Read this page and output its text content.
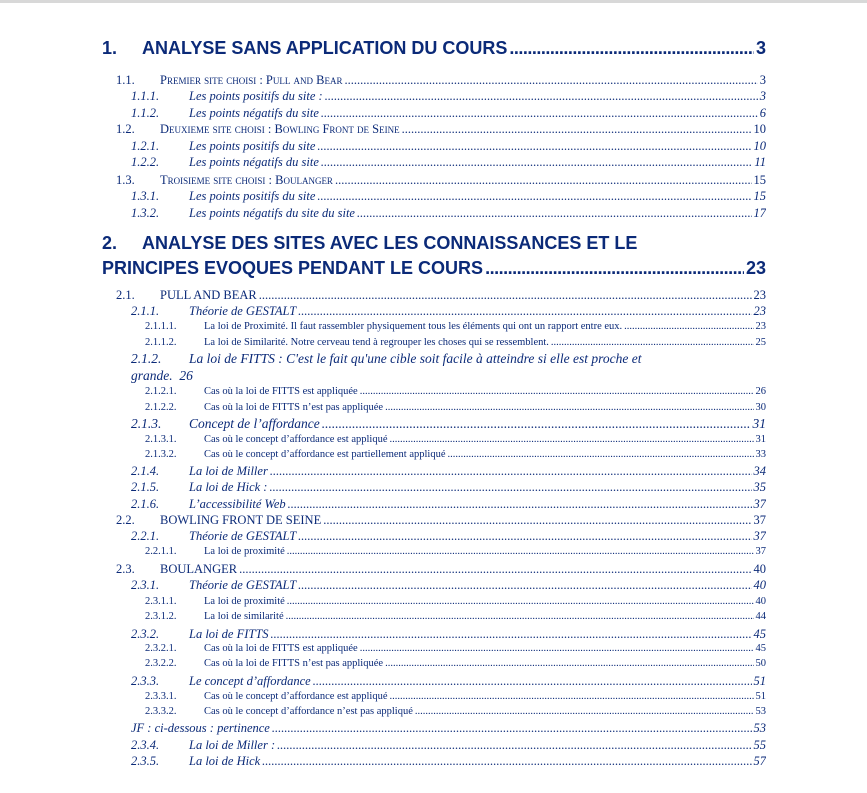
1.	ANALYSE SANS APPLICATION DU COURS .....	3
1.1.	Premier site choisi : Pull and Bear .....	3
1.1.1.	Les points positifs du site : .....	3
1.1.2.	Les points négatifs du site .....	6
1.2.	Deuxieme site choisi : Bowling Front de Seine .....	10
1.2.1.	Les points positifs du site .....	10
1.2.2.	Les points négatifs du site .....	11
1.3.	Troisieme site choisi : Boulanger .....	15
1.3.1.	Les points positifs du site .....	15
1.3.2.	Les points négatifs du site du site .....	17
2. ANALYSE DES SITES AVEC LES CONNAISSANCES ET LE
PRINCIPES EVOQUES PENDANT LE COURS .....	23
2.1.	PULL AND BEAR .....	23
2.1.1.	Théorie de GESTALT .....	23
2.1.1.1.	La loi de Proximité. Il faut rassembler physiquement tous les éléments qui ont un rapport entre eux. .....	23
2.1.1.2.	La loi de Similarité. Notre cerveau tend à regrouper les choses qui se ressemblent. .....	25
2.1.2. La loi de FITTS : C'est le fait qu'une cible soit facile à atteindre si elle est proche et
grande. 26
2.1.2.1.	Cas où la loi de FITTS est appliquée .....	26
2.1.2.2.	Cas où la loi de FITTS n’est pas appliquée .....	30
2.1.3.	Concept de l’affordance .....	31
2.1.3.1.	Cas où le concept d’affordance est appliqué .....	31
2.1.3.2.	Cas où le concept d’affordance est partiellement appliqué .....	33
2.1.4.	La loi de Miller .....	34
2.1.5.	La loi de Hick : .....	35
2.1.6.	L’accessibilité Web .....	37
2.2.	BOWLING FRONT DE SEINE .....	37
2.2.1.	Théorie de GESTALT .....	37
2.2.1.1.	La loi de proximité .....	37
2.3.	BOULANGER .....	40
2.3.1.	Théorie de GESTALT .....	40
2.3.1.1.	La loi de proximité .....	40
2.3.1.2.	La loi de similarité .....	44
2.3.2.	La loi de FITTS .....	45
2.3.2.1.	Cas où la loi de FITTS est appliquée .....	45
2.3.2.2.	Cas où la loi de FITTS n’est pas appliquée .....	50
2.3.3.	Le concept d’affordance .....	51
2.3.3.1.	Cas où le concept d’affordance est appliqué .....	51
2.3.3.2.	Cas où le concept d’affordance n’est pas appliqué .....	53
JF : ci-dessous : pertinence .....	53
2.3.4.	La loi de Miller : .....	55
2.3.5.	La loi de Hick .....	57
